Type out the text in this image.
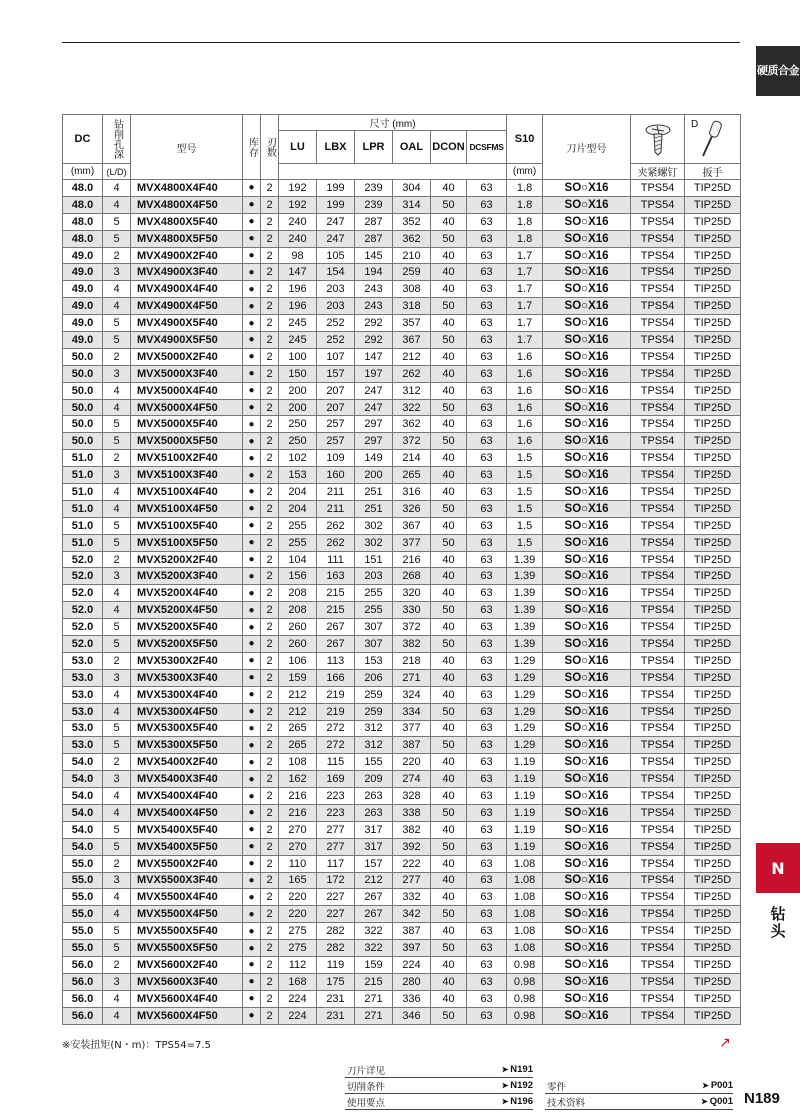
硬质合金
N
钻头
DC	钻削孔深	型号	库存	刃数	尺寸 (mm)						S10	刀片型号		D

					LU	LBX	LPR	OAL	DCON	DCSFMS				
(mm)	(L/D)										(mm)		夹紧螺钉	扳手
48.0	4	MVX4800X4F40	●	2	192	199	239	304	40	63	1.8	SO○X16	TPS54	TIP25D
48.0	4	MVX4800X4F50	●	2	192	199	239	314	50	63	1.8	SO○X16	TPS54	TIP25D
48.0	5	MVX4800X5F40	●	2	240	247	287	352	40	63	1.8	SO○X16	TPS54	TIP25D
48.0	5	MVX4800X5F50	●	2	240	247	287	362	50	63	1.8	SO○X16	TPS54	TIP25D
49.0	2	MVX4900X2F40	●	2	98	105	145	210	40	63	1.7	SO○X16	TPS54	TIP25D
49.0	3	MVX4900X3F40	●	2	147	154	194	259	40	63	1.7	SO○X16	TPS54	TIP25D
49.0	4	MVX4900X4F40	●	2	196	203	243	308	40	63	1.7	SO○X16	TPS54	TIP25D
49.0	4	MVX4900X4F50	●	2	196	203	243	318	50	63	1.7	SO○X16	TPS54	TIP25D
49.0	5	MVX4900X5F40	●	2	245	252	292	357	40	63	1.7	SO○X16	TPS54	TIP25D
49.0	5	MVX4900X5F50	●	2	245	252	292	367	50	63	1.7	SO○X16	TPS54	TIP25D
50.0	2	MVX5000X2F40	●	2	100	107	147	212	40	63	1.6	SO○X16	TPS54	TIP25D
50.0	3	MVX5000X3F40	●	2	150	157	197	262	40	63	1.6	SO○X16	TPS54	TIP25D
50.0	4	MVX5000X4F40	●	2	200	207	247	312	40	63	1.6	SO○X16	TPS54	TIP25D
50.0	4	MVX5000X4F50	●	2	200	207	247	322	50	63	1.6	SO○X16	TPS54	TIP25D
50.0	5	MVX5000X5F40	●	2	250	257	297	362	40	63	1.6	SO○X16	TPS54	TIP25D
50.0	5	MVX5000X5F50	●	2	250	257	297	372	50	63	1.6	SO○X16	TPS54	TIP25D
51.0	2	MVX5100X2F40	●	2	102	109	149	214	40	63	1.5	SO○X16	TPS54	TIP25D
51.0	3	MVX5100X3F40	●	2	153	160	200	265	40	63	1.5	SO○X16	TPS54	TIP25D
51.0	4	MVX5100X4F40	●	2	204	211	251	316	40	63	1.5	SO○X16	TPS54	TIP25D
51.0	4	MVX5100X4F50	●	2	204	211	251	326	50	63	1.5	SO○X16	TPS54	TIP25D
51.0	5	MVX5100X5F40	●	2	255	262	302	367	40	63	1.5	SO○X16	TPS54	TIP25D
51.0	5	MVX5100X5F50	●	2	255	262	302	377	50	63	1.5	SO○X16	TPS54	TIP25D
52.0	2	MVX5200X2F40	●	2	104	111	151	216	40	63	1.39	SO○X16	TPS54	TIP25D
52.0	3	MVX5200X3F40	●	2	156	163	203	268	40	63	1.39	SO○X16	TPS54	TIP25D
52.0	4	MVX5200X4F40	●	2	208	215	255	320	40	63	1.39	SO○X16	TPS54	TIP25D
52.0	4	MVX5200X4F50	●	2	208	215	255	330	50	63	1.39	SO○X16	TPS54	TIP25D
52.0	5	MVX5200X5F40	●	2	260	267	307	372	40	63	1.39	SO○X16	TPS54	TIP25D
52.0	5	MVX5200X5F50	●	2	260	267	307	382	50	63	1.39	SO○X16	TPS54	TIP25D
53.0	2	MVX5300X2F40	●	2	106	113	153	218	40	63	1.29	SO○X16	TPS54	TIP25D
53.0	3	MVX5300X3F40	●	2	159	166	206	271	40	63	1.29	SO○X16	TPS54	TIP25D
53.0	4	MVX5300X4F40	●	2	212	219	259	324	40	63	1.29	SO○X16	TPS54	TIP25D
53.0	4	MVX5300X4F50	●	2	212	219	259	334	50	63	1.29	SO○X16	TPS54	TIP25D
53.0	5	MVX5300X5F40	●	2	265	272	312	377	40	63	1.29	SO○X16	TPS54	TIP25D
53.0	5	MVX5300X5F50	●	2	265	272	312	387	50	63	1.29	SO○X16	TPS54	TIP25D
54.0	2	MVX5400X2F40	●	2	108	115	155	220	40	63	1.19	SO○X16	TPS54	TIP25D
54.0	3	MVX5400X3F40	●	2	162	169	209	274	40	63	1.19	SO○X16	TPS54	TIP25D
54.0	4	MVX5400X4F40	●	2	216	223	263	328	40	63	1.19	SO○X16	TPS54	TIP25D
54.0	4	MVX5400X4F50	●	2	216	223	263	338	50	63	1.19	SO○X16	TPS54	TIP25D
54.0	5	MVX5400X5F40	●	2	270	277	317	382	40	63	1.19	SO○X16	TPS54	TIP25D
54.0	5	MVX5400X5F50	●	2	270	277	317	392	50	63	1.19	SO○X16	TPS54	TIP25D
55.0	2	MVX5500X2F40	●	2	110	117	157	222	40	63	1.08	SO○X16	TPS54	TIP25D
55.0	3	MVX5500X3F40	●	2	165	172	212	277	40	63	1.08	SO○X16	TPS54	TIP25D
55.0	4	MVX5500X4F40	●	2	220	227	267	332	40	63	1.08	SO○X16	TPS54	TIP25D
55.0	4	MVX5500X4F50	●	2	220	227	267	342	50	63	1.08	SO○X16	TPS54	TIP25D
55.0	5	MVX5500X5F40	●	2	275	282	322	387	40	63	1.08	SO○X16	TPS54	TIP25D
55.0	5	MVX5500X5F50	●	2	275	282	322	397	50	63	1.08	SO○X16	TPS54	TIP25D
56.0	2	MVX5600X2F40	●	2	112	119	159	224	40	63	0.98	SO○X16	TPS54	TIP25D
56.0	3	MVX5600X3F40	●	2	168	175	215	280	40	63	0.98	SO○X16	TPS54	TIP25D
56.0	4	MVX5600X4F40	●	2	224	231	271	336	40	63	0.98	SO○X16	TPS54	TIP25D
56.0	4	MVX5600X4F50	●	2	224	231	271	346	50	63	0.98	SO○X16	TPS54	TIP25D
※安装扭矩(N・m)：TPS54=7.5	↗
刀片详见	➤ N191
切削条件	➤ N192
使用要点	➤ N196
零件	➤ P001
技术资料	➤ Q001 N189
